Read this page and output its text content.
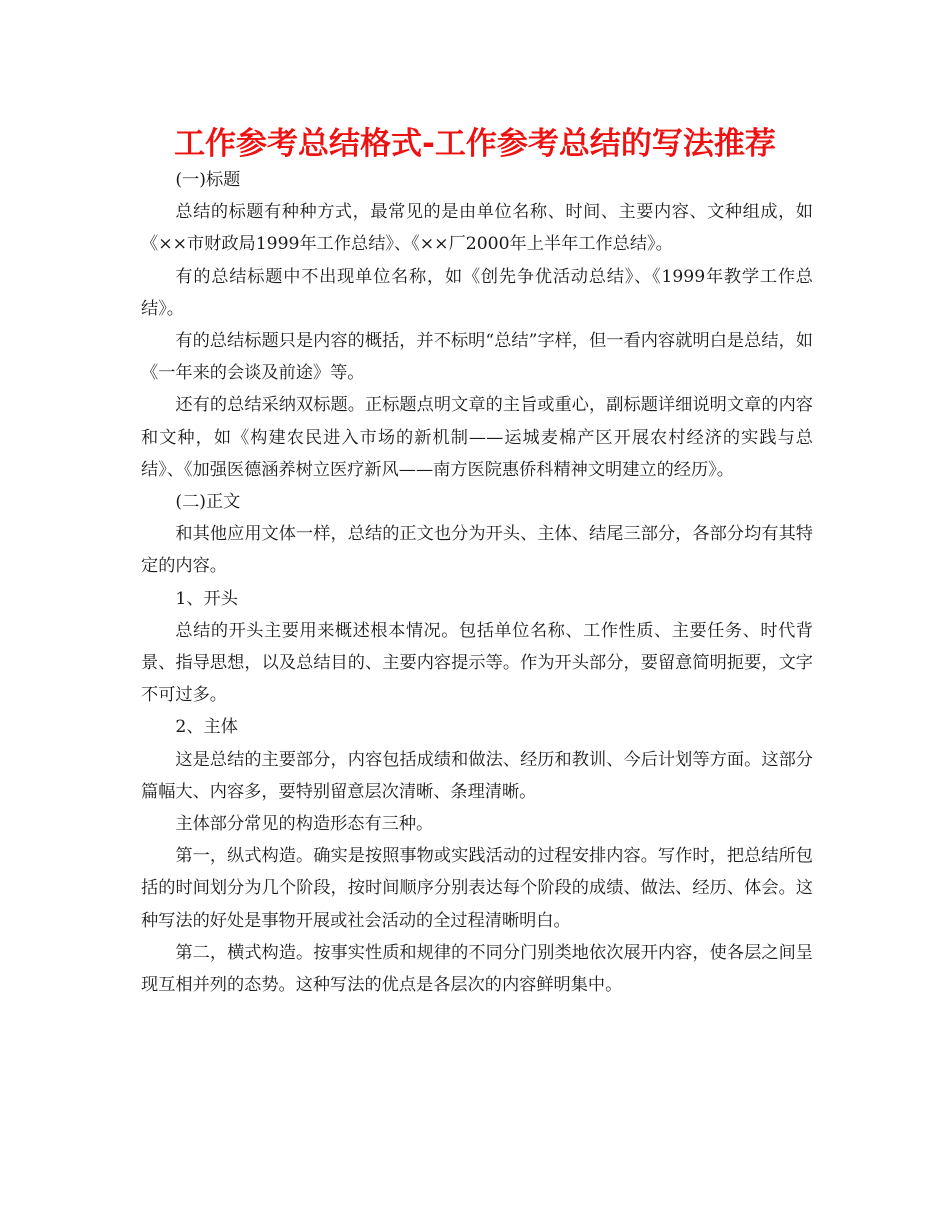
工作参考总结格式-工作参考总结的写法推荐

(一)标题

总结的标题有种种方式，最常见的是由单位名称、时间、主要内容、文种组成，如《××市财政局1999年工作总结》、《××厂2000年上半年工作总结》。

有的总结标题中不出现单位名称，如《创先争优活动总结》、《1999年教学工作总结》。

有的总结标题只是内容的概括，并不标明“总结”字样，但一看内容就明白是总结，如《一年来的会谈及前途》等。

还有的总结采纳双标题。正标题点明文章的主旨或重心，副标题详细说明文章的内容和文种，如《构建农民进入市场的新机制——运城麦棉产区开展农村经济的实践与总结》、《加强医德涵养树立医疗新风——南方医院惠侨科精神文明建立的经历》。

(二)正文

和其他应用文体一样，总结的正文也分为开头、主体、结尾三部分，各部分均有其特定的内容。

1、开头

总结的开头主要用来概述根本情况。包括单位名称、工作性质、主要任务、时代背景、指导思想，以及总结目的、主要内容提示等。作为开头部分，要留意简明扼要，文字不可过多。

2、主体

这是总结的主要部分，内容包括成绩和做法、经历和教训、今后计划等方面。这部分篇幅大、内容多，要特别留意层次清晰、条理清晰。

主体部分常见的构造形态有三种。

第一，纵式构造。确实是按照事物或实践活动的过程安排内容。写作时，把总结所包括的时间划分为几个阶段，按时间顺序分别表达每个阶段的成绩、做法、经历、体会。这种写法的好处是事物开展或社会活动的全过程清晰明白。

第二，横式构造。按事实性质和规律的不同分门别类地依次展开内容，使各层之间呈现互相并列的态势。这种写法的优点是各层次的内容鲜明集中。
